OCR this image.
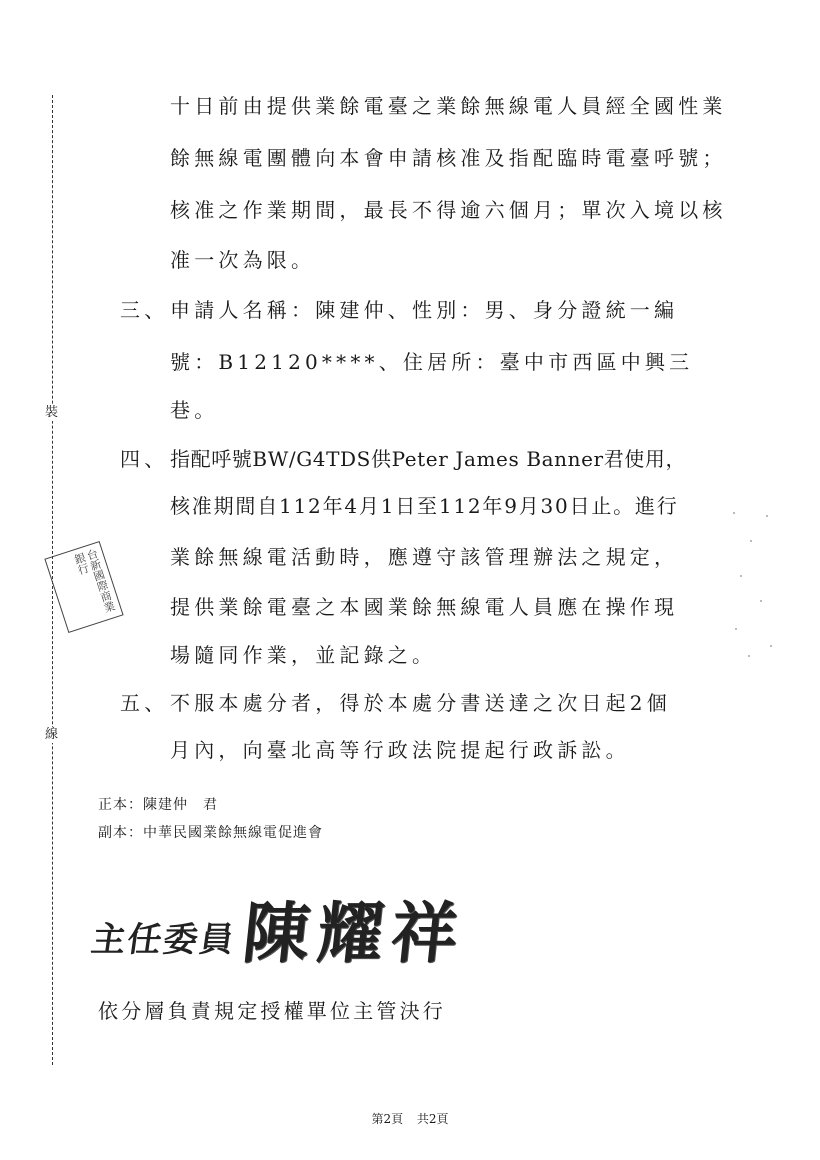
裝
線
台新國際商業銀行
十日前由提供業餘電臺之業餘無線電人員經全國性業
餘無線電團體向本會申請核准及指配臨時電臺呼號；
核准之作業期間，最長不得逾六個月；單次入境以核
准一次為限。
三、 申請人名稱：陳建仲、性別：男、身分證統一編
號：B12120****、住居所：臺中市西區中興三
巷。
四、 指配呼號BW/G4TDS供Peter James Banner君使用，
核准期間自112年4月1日至112年9月30日止。進行
業餘無線電活動時，應遵守該管理辦法之規定，
提供業餘電臺之本國業餘無線電人員應在操作現
場隨同作業，並記錄之。
五、 不服本處分者，得於本處分書送達之次日起2個
月內，向臺北高等行政法院提起行政訴訟。
正本：陳建仲　君
副本：中華民國業餘無線電促進會
主任委員 陳耀祥
依分層負責規定授權單位主管決行
第2頁 共2頁
